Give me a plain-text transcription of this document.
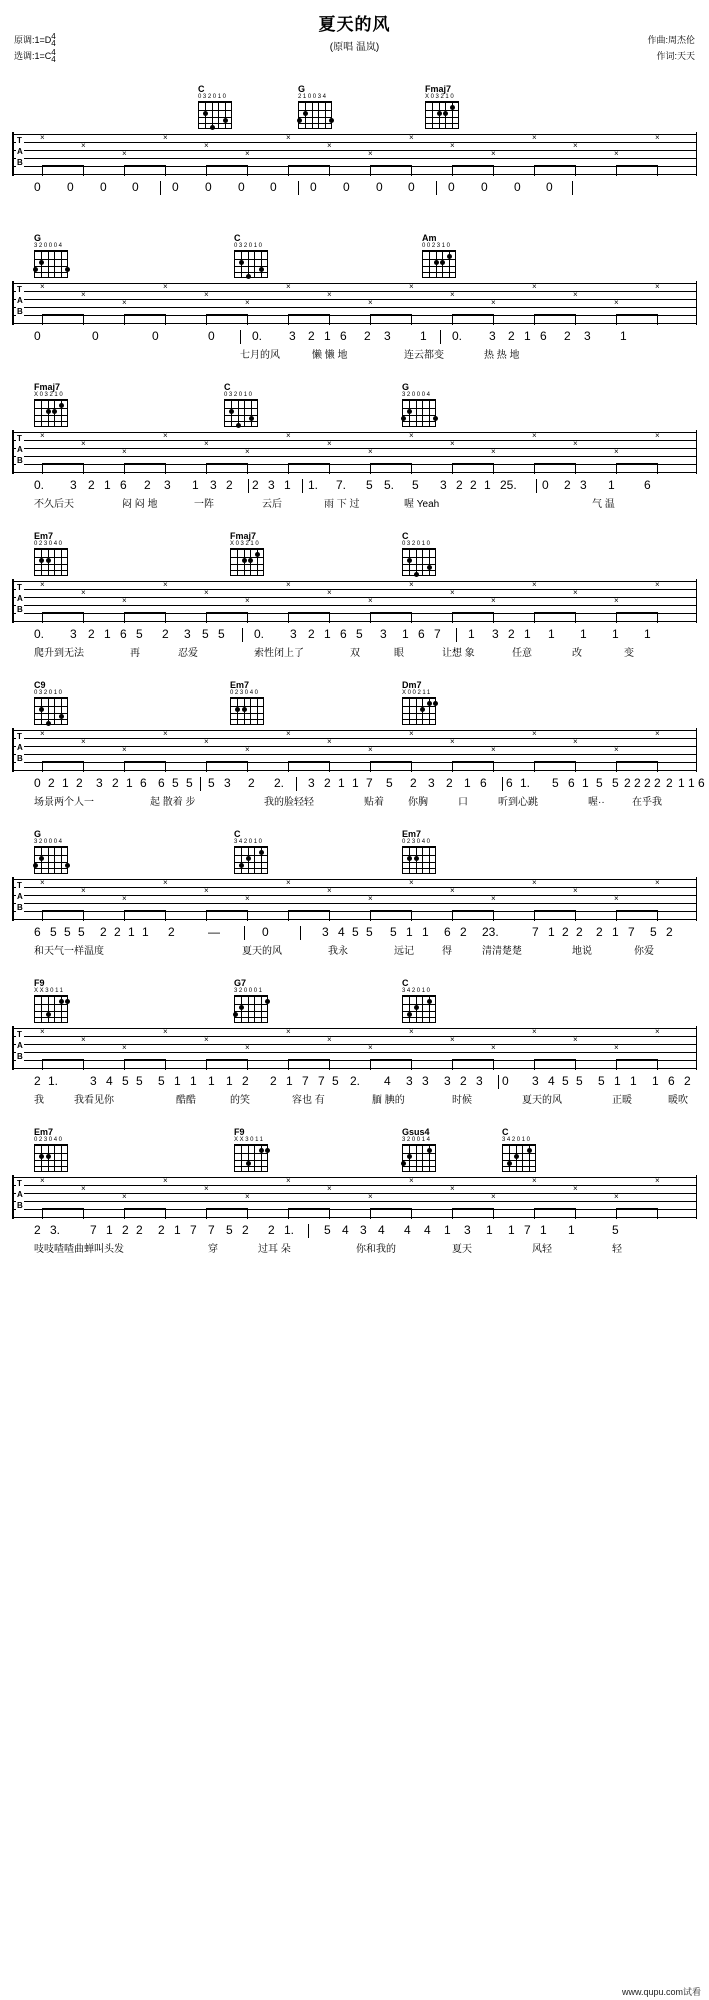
夏天的风
(原唱 温岚)
原调:1=D 4
4
选调:1=C 4
4
作曲:周杰伦
作词:天天
C
032010
G
210034
Fmaj7
X03210
T
A
B
×
×
×
×
×
×
×
×
×
×
×
×
×
×
×
×
0 0 0 0	0 0 0 0	0 0 0 0	0 0 0 0
G
320004
C
032010
Am
002310
T
A
B
×
×
×
×
×
×
×
×
×
×
×
×
×
×
×
×
0	0	0	0	0. 3 2 1 6 2 3 1 0. 3 2 1 6 2 3 1
七月的风	懒 懒 地	连云都变	热 热 地
Fmaj7
X03210
C
032010
G
320004
T
A
B
×
×
×
×
×
×
×
×
×
×
×
×
×
×
×
×
0. 3 2 1 6 2 3 1 3 2 2 3 1 1. 7. 5 5. 5 3 2 2 1 25. 0 2 3 1 6
不久后天	闷 闷 地	一阵	云后	雨 下 过	喔 Yeah	气 温
Em7
023040
Fmaj7
X03210
C
032010
T
A
B
×
×
×
×
×
×
×
×
×
×
×
×
×
×
×
×
0. 3 2 1 6 5 2 3 5 5 0. 3 2 1 6 5 3 1 6 7 1 3 2 1 1 1 1 1
爬升到无法	再	忍爱	索性闭上了	双	眼	让想 象	任意	改	变
C9
032010
Em7
023040
Dm7
X00211
T
A
B
×
×
×
×
×
×
×
×
×
×
×
×
×
×
×
×
0 2 1 2 3 2 1 6 6 5 5 5 3 2 2. 3 2 1 1 7 5 2 3 2 1 6 6 1. 5 6 1 5 5 2 2 2 2 2 1 1 6
场景两个人一	起 散着 步	我的脸轻轻	贴着 你胸	口	听到心跳	喔··	在乎我
G
320004
C
342010
Em7
023040
T
A
B
×
×
×
×
×
×
×
×
×
×
×
×
×
×
×
×
6 5 5 5 2 2 1 1 2	—	0	3 4 5 5 5 1 1 6 2 23.	7 1 2 2 2 1 7 5 2
和天气一样温度	夏天的风	我永	远记	得	清清楚楚	地说	你爱
F9
XX3011
G7
320001
C
342010
T
A
B
×
×
×
×
×
×
×
×
×
×
×
×
×
×
×
×
2 1.	3 4 5 5 5 1 1 1 1 2 2 1 7 7 5 2. 4 3 3 3 2 3 0 3 4 5 5 5 1 1 1 6 2
我	我看见你	酷酷	的笑	容也 有	腼 腆的	时候	夏天的风	正暖	暖吹
Em7
023040
F9
XX3011
Gsus4
320014
C
342010
T
A
B
×
×
×
×
×
×
×
×
×
×
×
×
×
×
×
×
2 3. 7 1 2 2 2 1 7 7 5 2 2 1. 5 4 3 4 4 4 1 3 1 1 7 1 1	5
吱吱喳喳曲蝉叫头发	穿	过耳 朵	你和我的	夏天	风轻	轻
www.qupu.com试看
